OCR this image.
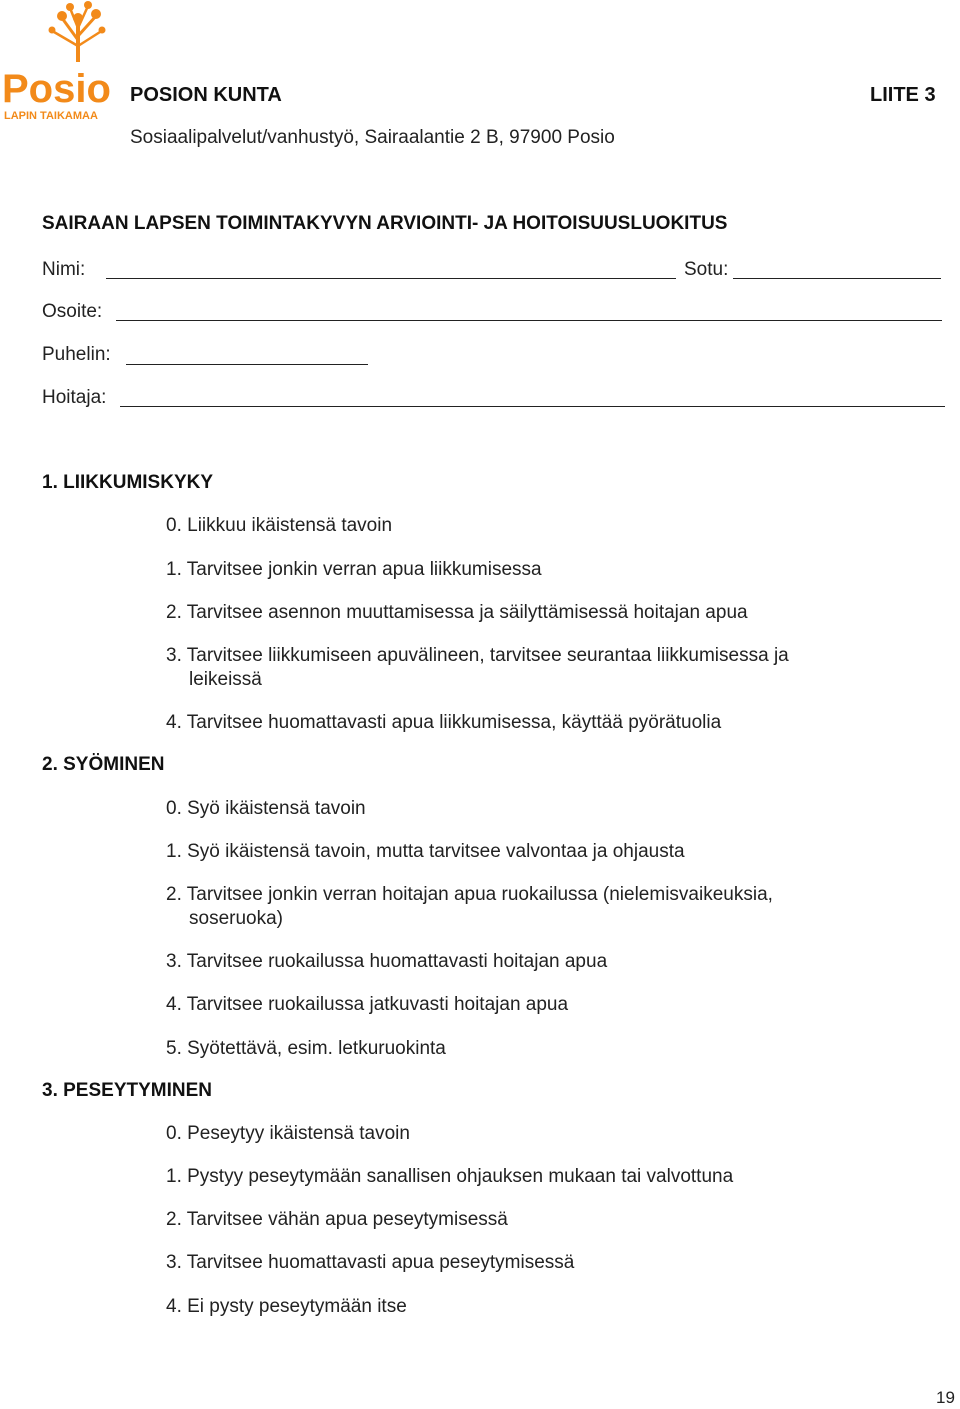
Posio
LAPIN TAIKAMAA
POSION KUNTA	LIITE 3
Sosiaalipalvelut/vanhustyö, Sairaalantie 2 B, 97900 Posio
SAIRAAN LAPSEN TOIMINTAKYVYN ARVIOINTI- JA HOITOISUUSLUOKITUS
Nimi:	Sotu:
Osoite:
Puhelin:
Hoitaja:
1. LIIKKUMISKYKY
0. Liikkuu ikäistensä tavoin
1. Tarvitsee jonkin verran apua liikkumisessa
2. Tarvitsee asennon muuttamisessa ja säilyttämisessä hoitajan apua
3. Tarvitsee liikkumiseen apuvälineen, tarvitsee seurantaa liikkumisessa ja
leikeissä
4. Tarvitsee huomattavasti apua liikkumisessa, käyttää pyörätuolia
2. SYÖMINEN
0. Syö ikäistensä tavoin
1. Syö ikäistensä tavoin, mutta tarvitsee valvontaa ja ohjausta
2. Tarvitsee jonkin verran hoitajan apua ruokailussa (nielemisvaikeuksia,
soseruoka)
3. Tarvitsee ruokailussa huomattavasti hoitajan apua
4. Tarvitsee ruokailussa jatkuvasti hoitajan apua
5. Syötettävä, esim. letkuruokinta
3. PESEYTYMINEN
0. Peseytyy ikäistensä tavoin
1. Pystyy peseytymään sanallisen ohjauksen mukaan tai valvottuna
2. Tarvitsee vähän apua peseytymisessä
3. Tarvitsee huomattavasti apua peseytymisessä
4. Ei pysty peseytymään itse
19
